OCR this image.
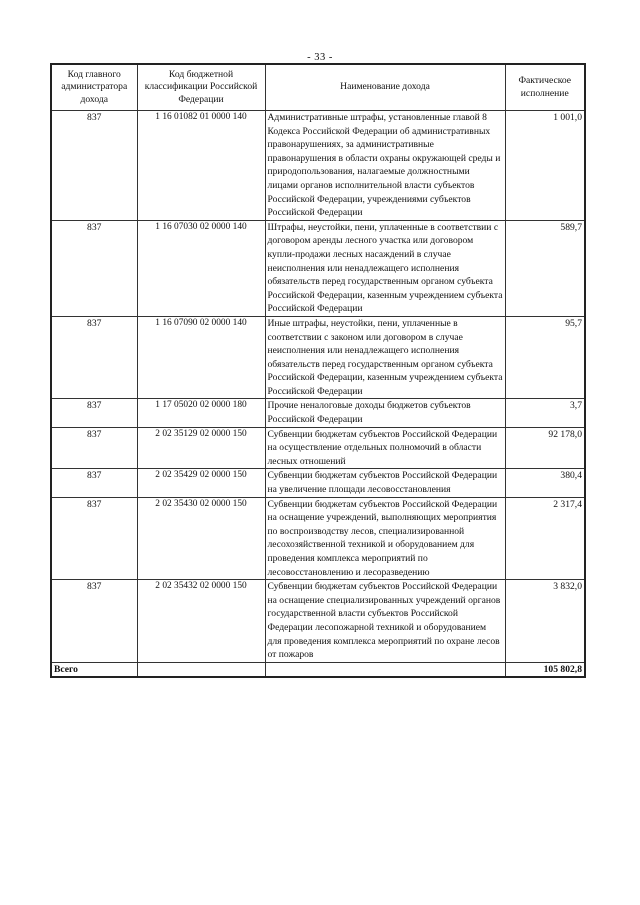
- 33 -
Код главного администратора дохода	Код бюджетной классификации Российской Федерации	Наименование дохода	Фактическое исполнение
837	1 16 01082 01 0000 140	Административные штрафы, установленные главой 8 Кодекса Российской Федерации об административных правонарушениях, за административные правонарушения в области охраны окружающей среды и природопользования, налагаемые должностными лицами органов исполнительной власти субъектов Российской Федерации, учреждениями субъектов Российской Федерации	1 001,0
837	1 16 07030 02 0000 140	Штрафы, неустойки, пени, уплаченные в соответствии с договором аренды лесного участка или договором купли-продажи лесных насаждений в случае неисполнения или ненадлежащего исполнения обязательств перед государственным органом субъекта Российской Федерации, казенным учреждением субъекта Российской Федерации	589,7
837	1 16 07090 02 0000 140	Иные штрафы, неустойки, пени, уплаченные в соответствии с законом или договором в случае неисполнения или ненадлежащего исполнения обязательств перед государственным органом субъекта Российской Федерации, казенным учреждением субъекта Российской Федерации	95,7
837	1 17 05020 02 0000 180	Прочие неналоговые доходы бюджетов субъектов Российской Федерации	3,7
837	2 02 35129 02 0000 150	Субвенции бюджетам субъектов Российской Федерации на осуществление отдельных полномочий в области лесных отношений	92 178,0
837	2 02 35429 02 0000 150	Субвенции бюджетам субъектов Российской Федерации на увеличение площади лесовосстановления	380,4
837	2 02 35430 02 0000 150	Субвенции бюджетам субъектов Российской Федерации на оснащение учреждений, выполняющих мероприятия по воспроизводству лесов, специализированной лесохозяйственной техникой и оборудованием для проведения комплекса мероприятий по лесовосстановлению и лесоразведению	2 317,4
837	2 02 35432 02 0000 150	Субвенции бюджетам субъектов Российской Федерации на оснащение специализированных учреждений органов государственной власти субъектов Российской Федерации лесопожарной техникой и оборудованием для проведения комплекса мероприятий по охране лесов от пожаров	3 832,0
Всего			105 802,8
